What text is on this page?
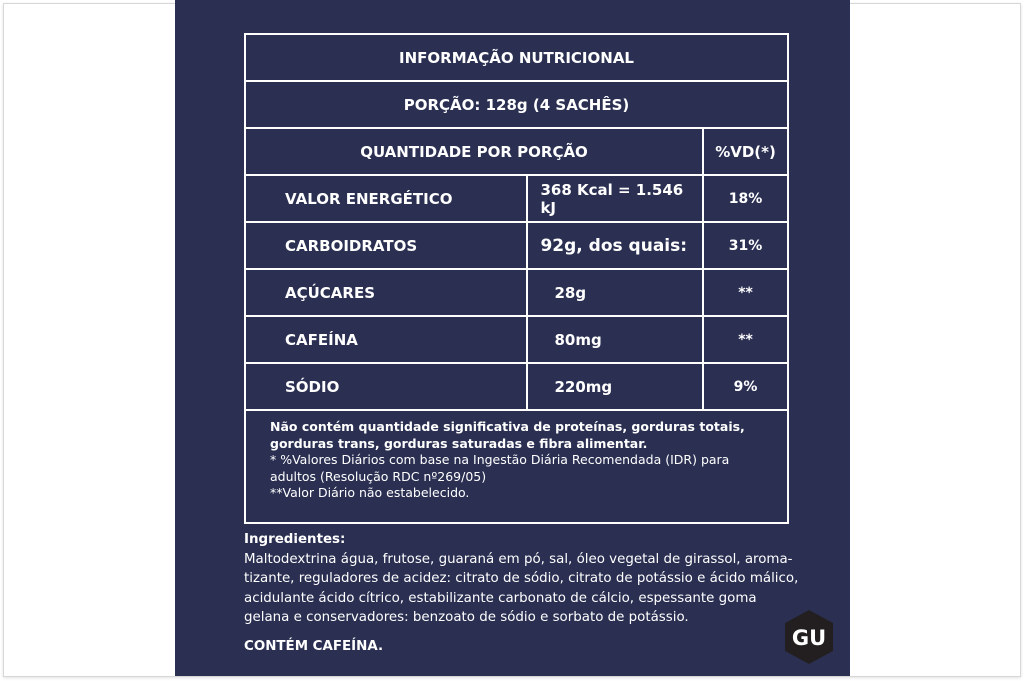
INFORMAÇÃO NUTRICIONAL		
PORÇÃO: 128g (4 SACHÊS)		
QUANTIDADE POR PORÇÃO		%VD(*)
VALOR ENERGÉTICO	368 Kcal = 1.546 kJ	18%
CARBOIDRATOS	92g, dos quais:	31%
AÇÚCARES	28g	**
CAFEÍNA	80mg	**
SÓDIO	220mg	9%

Não contém quantidade significativa de proteínas, gorduras totais, gorduras trans, gorduras saturadas e fibra alimentar.
* %Valores Diários com base na Ingestão Diária Recomendada (IDR) para adultos (Resolução RDC nº269/05)
**Valor Diário não estabelecido.		
Ingredientes:
Maltodextrina água, frutose, guaraná em pó, sal, óleo vegetal de girassol, aroma-tizante, reguladores de acidez: citrato de sódio, citrato de potássio e ácido málico, acidulante ácido cítrico, estabilizante carbonato de cálcio, espessante goma gelana e conservadores: benzoato de sódio e sorbato de potássio.
CONTÉM CAFEÍNA.	GU
